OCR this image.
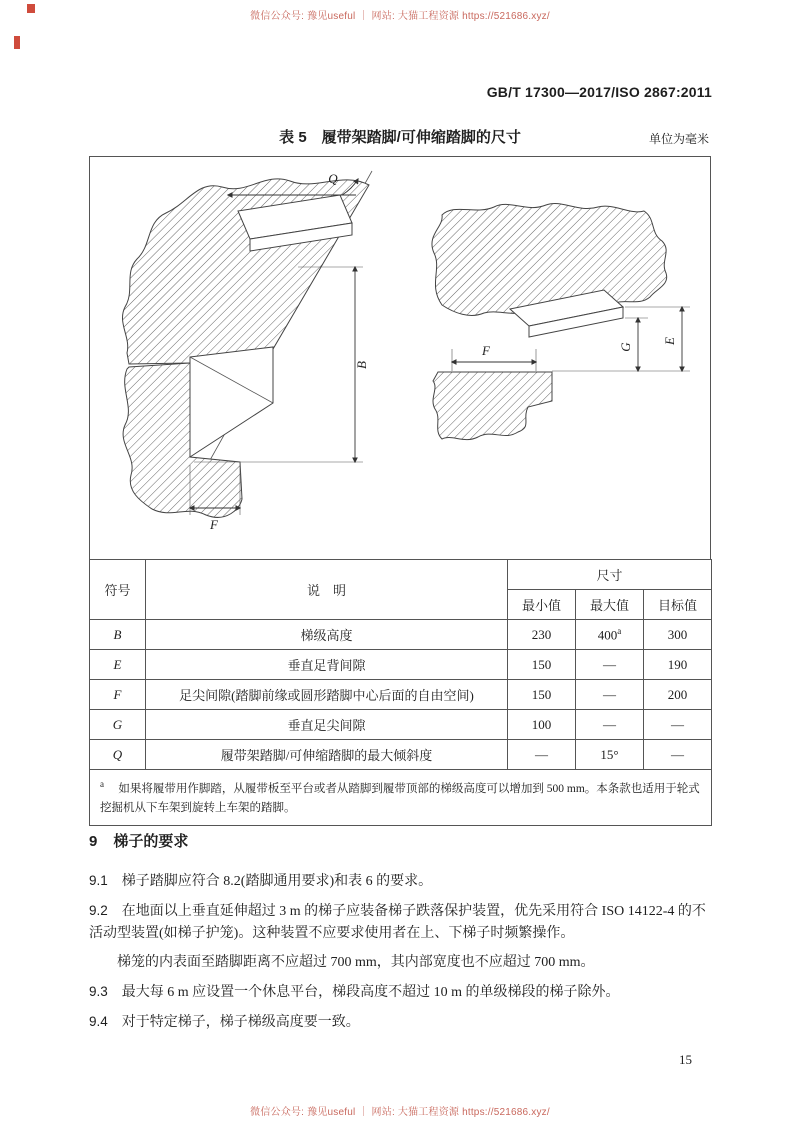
微信公众号: 豫见useful ｜ 网站: 大猫工程资源 https://521686.xyz/
GB/T 17300—2017/ISO 2867:2011
表 5　履带架踏脚/可伸缩踏脚的尺寸	单位为毫米
Q
B
F
F	G
E
符号	说　明	尺寸		
		最小值	最大值	目标值
B	梯级高度	230	400$^a$	300
E	垂直足背间隙	150	—	190
F	足尖间隙(踏脚前缘或圆形踏脚中心后面的自由空间)	150	—	200
G	垂直足尖间隙	100	—	—
Q	履带架踏脚/可伸缩踏脚的最大倾斜度	—	15°	—
$^a$ 　 如果将履带用作脚踏，从履带板至平台或者从踏脚到履带顶部的梯级高度可以增加到 500 mm。本条款也适用于轮式挖掘机从下车架到旋转上车架的踏脚。				
9 梯子的要求

9.1 梯子踏脚应符合 8.2(踏脚通用要求)和表 6 的要求。

9.2 在地面以上垂直延伸超过 3 m 的梯子应装备梯子跌落保护装置，优先采用符合 ISO 14122-4 的不活动型装置(如梯子护笼)。这种装置不应要求使用者在上、下梯子时频繁操作。

梯笼的内表面至踏脚距离不应超过 700 mm，其内部宽度也不应超过 700 mm。

9.3 最大每 6 m 应设置一个休息平台，梯段高度不超过 10 m 的单级梯段的梯子除外。

9.4 对于特定梯子，梯子梯级高度要一致。

15
微信公众号: 豫见useful ｜ 网站: 大猫工程资源 https://521686.xyz/
